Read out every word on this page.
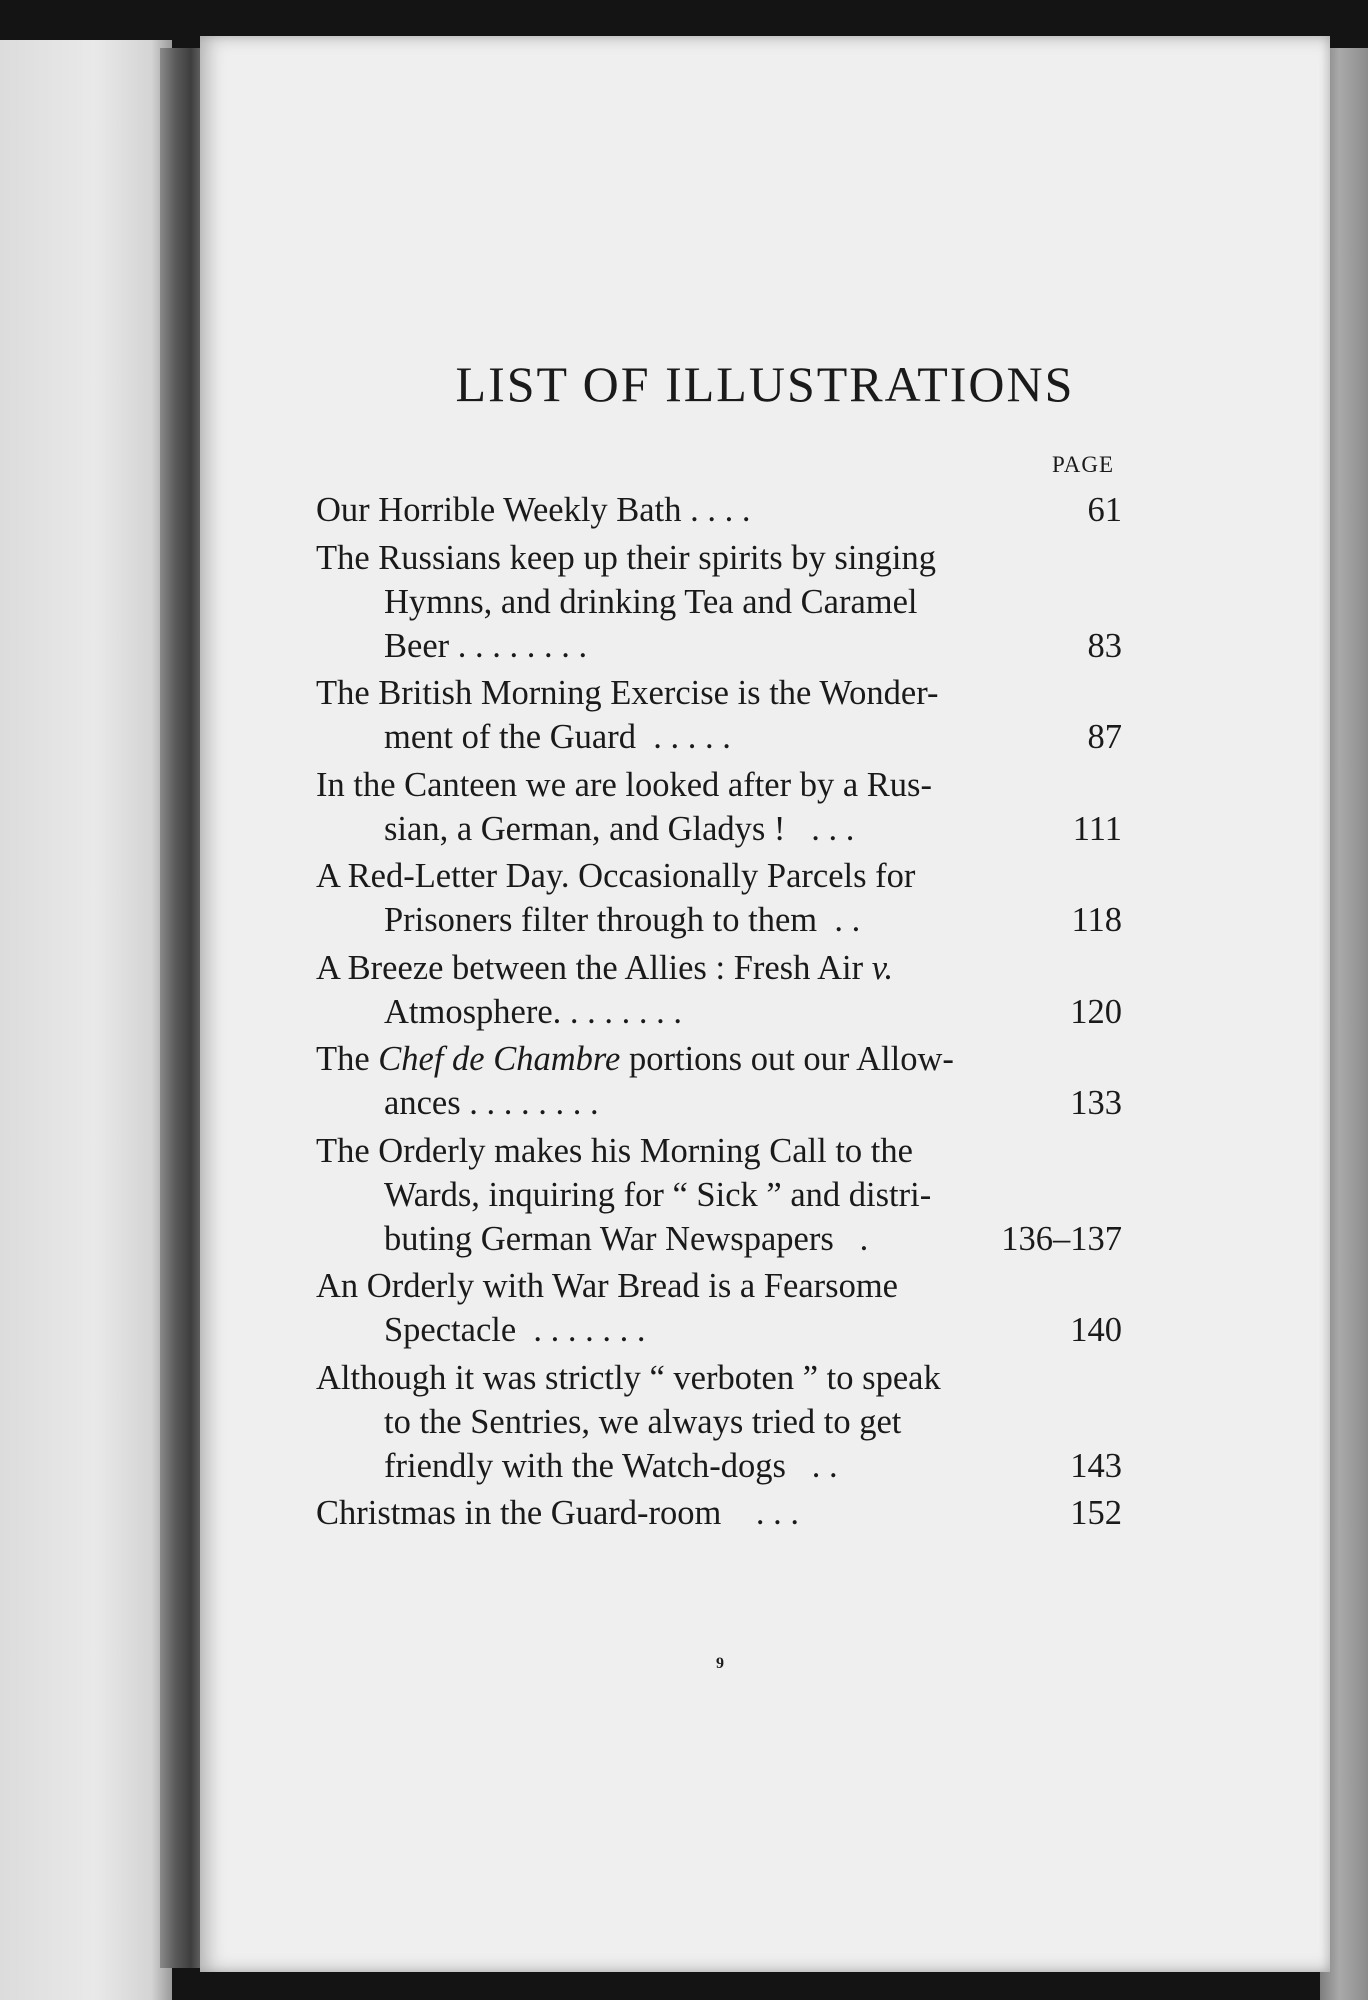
LIST OF ILLUSTRATIONS
PAGE
Our Horrible Weekly Bath . . . .	61
The Russians keep up their spirits by singing
Hymns, and drinking Tea and Caramel
Beer . . . . . . . .	83
The British Morning Exercise is the Wonder-
ment of the Guard . . . . .	87
In the Canteen we are looked after by a Rus-
sian, a German, and Gladys ! . . .	111
A Red-Letter Day. Occasionally Parcels for
Prisoners filter through to them . .	118
A Breeze between the Allies : Fresh Air v.
Atmosphere. . . . . . . .	120
The Chef de Chambre portions out our Allow-
ances . . . . . . . .	133
The Orderly makes his Morning Call to the
Wards, inquiring for “ Sick ” and distri-
buting German War Newspapers .	136–137
An Orderly with War Bread is a Fearsome
Spectacle . . . . . . .	140
Although it was strictly “ verboten ” to speak
to the Sentries, we always tried to get
friendly with the Watch-dogs . .	143
Christmas in the Guard-room . . .	152
9
